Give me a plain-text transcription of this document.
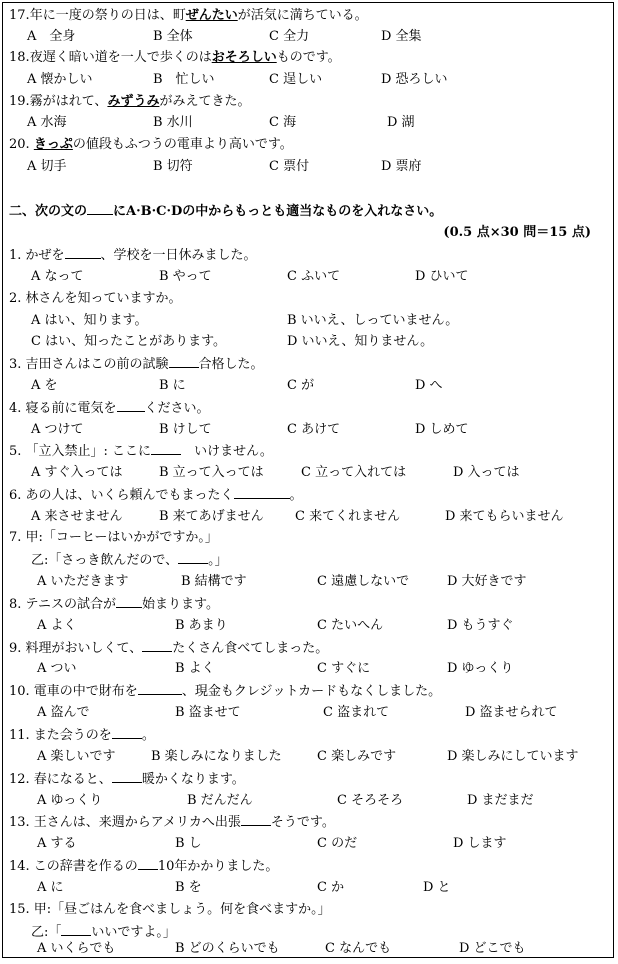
17.年に一度の祭りの日は、町ぜんたいが活気に満ちている。
A　全身	B 全体	C 全力	D 全集
18.夜遅く暗い道を一人で歩くのはおそろしいものです。
A 懐かしい	B　忙しい	C 逞しい	D 恐ろしい
19.霧がはれて、みずうみがみえてきた。
A 水海	B 水川	C 海	D 湖
20. きっぷの値段もふつうの電車より高いです。
A 切手	B 切符	C 票付	D 票府
二、次の文の にA·B·C·Dの中からもっとも適当なものを入れなさい。
(0.5 点×30 問＝15 点)
1. かぜを	、学校を一日休みました。
A なって	B やって	C ふいて	D ひいて
2. 林さんを知っていますか。
A はい、知ります。	B いいえ、しっていません。
C はい、知ったことがあります。	D いいえ、知りません。
3. 吉田さんはこの前の試験 合格した。
A を	B に	C が	D へ
4. 寝る前に電気を ください。
A つけて	B けして	C あけて	D しめて
5. 「立入禁止」: ここに　いけません。
A すぐ入っては	B 立って入っては	C 立って入れては	D 入っては
6. あの人は、いくら頼んでもまったく	。
A 来させません	B 来てあげません C 来てくれません	D 来てもらいません
7. 甲:「コーヒーはいかがですか。」
乙:「さっき飲んだので、 。」
A いただきます	B 結構です	C 遠慮しないで	D 大好きです
8. テニスの試合が 始まります。
A よく	B あまり	C たいへん	D もうすぐ
9. 料理がおいしくて、 たくさん食べてしまった。
A つい	B よく	C すぐに	D ゆっくり
10. 電車の中で財布を	、現金もクレジットカードもなくしました。
A 盗んで	B 盗ませて	C 盗まれて	D 盗ませられて
11. また会うのを 。
A 楽しいです	B 楽しみになりました	C 楽しみです	D 楽しみにしています
12. 春になると、 暖かくなります。
A ゆっくり	B だんだん	C そろそろ	D まだまだ
13. 王さんは、来週からアメリカへ出張 そうです。
A する	B し	C のだ	D します
14. この辞書を作るの 10年かかりました。
A に	B を	C か	D と
15. 甲:「昼ごはんを食べましょう。何を食べますか。」
乙:「 いいですよ。」
A いくらでも	B どのくらいでも	C なんでも	D どこでも
